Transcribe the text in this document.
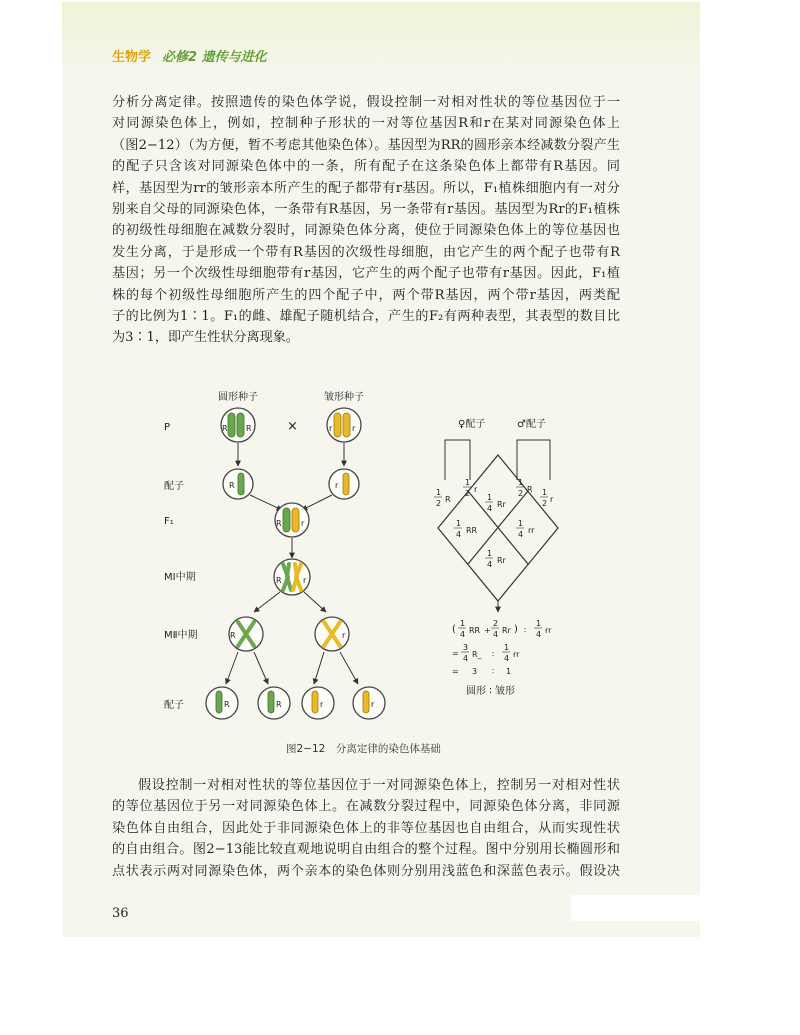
生物学 必修2 遗传与进化
分析分离定律。按照遗传的染色体学说，假设控制一对相对性状的等位基因位于一
对同源染色体上，例如，控制种子形状的一对等位基因R和r在某对同源染色体上
（图2−12）（为方便，暂不考虑其他染色体）。基因型为RR的圆形亲本经减数分裂产生
的配子只含该对同源染色体中的一条，所有配子在这条染色体上都带有R基因。同
样，基因型为rr的皱形亲本所产生的配子都带有r基因。所以，F₁植株细胞内有一对分
别来自父母的同源染色体，一条带有R基因，另一条带有r基因。基因型为Rr的F₁植株
的初级性母细胞在减数分裂时，同源染色体分离，使位于同源染色体上的等位基因也
发生分离，于是形成一个带有R基因的次级性母细胞，由它产生的两个配子也带有R
基因；另一个次级性母细胞带有r基因，它产生的两个配子也带有r基因。因此，F₁植
株的每个初级性母细胞所产生的四个配子中，两个带R基因，两个带r基因，两类配
子的比例为1∶1。F₁的雌、雄配子随机结合，产生的F₂有两种表型，其表型的数目比
为3∶1，即产生性状分离现象。
圆形种子	皱形种子
P
配子
F₁
MⅠ中期
MⅡ中期
配子
×
R R	r r
R	r
R r
R	r
R	r
R	R	r	r
♀配子	♂配子
1
2 R
1
2 r
1
2 R 1
2 r
1
4 Rr
1
4 RR
1
4 rr
1
4 Rr
(
1
4 RR +
2
4 Rr ) ∶
1
4 rr
=
3
4 R_ ∶
1
4 rr
= 3 ∶ 1
圆形 ∶ 皱形
图2−12　分离定律的染色体基础
假设控制一对相对性状的等位基因位于一对同源染色体上，控制另一对相对性状
的等位基因位于另一对同源染色体上。在减数分裂过程中，同源染色体分离，非同源
染色体自由组合，因此处于非同源染色体上的非等位基因也自由组合，从而实现性状
的自由组合。图2−13能比较直观地说明自由组合的整个过程。图中分别用长椭圆形和
点状表示两对同源染色体，两个亲本的染色体则分别用浅蓝色和深蓝色表示。假设决
36
